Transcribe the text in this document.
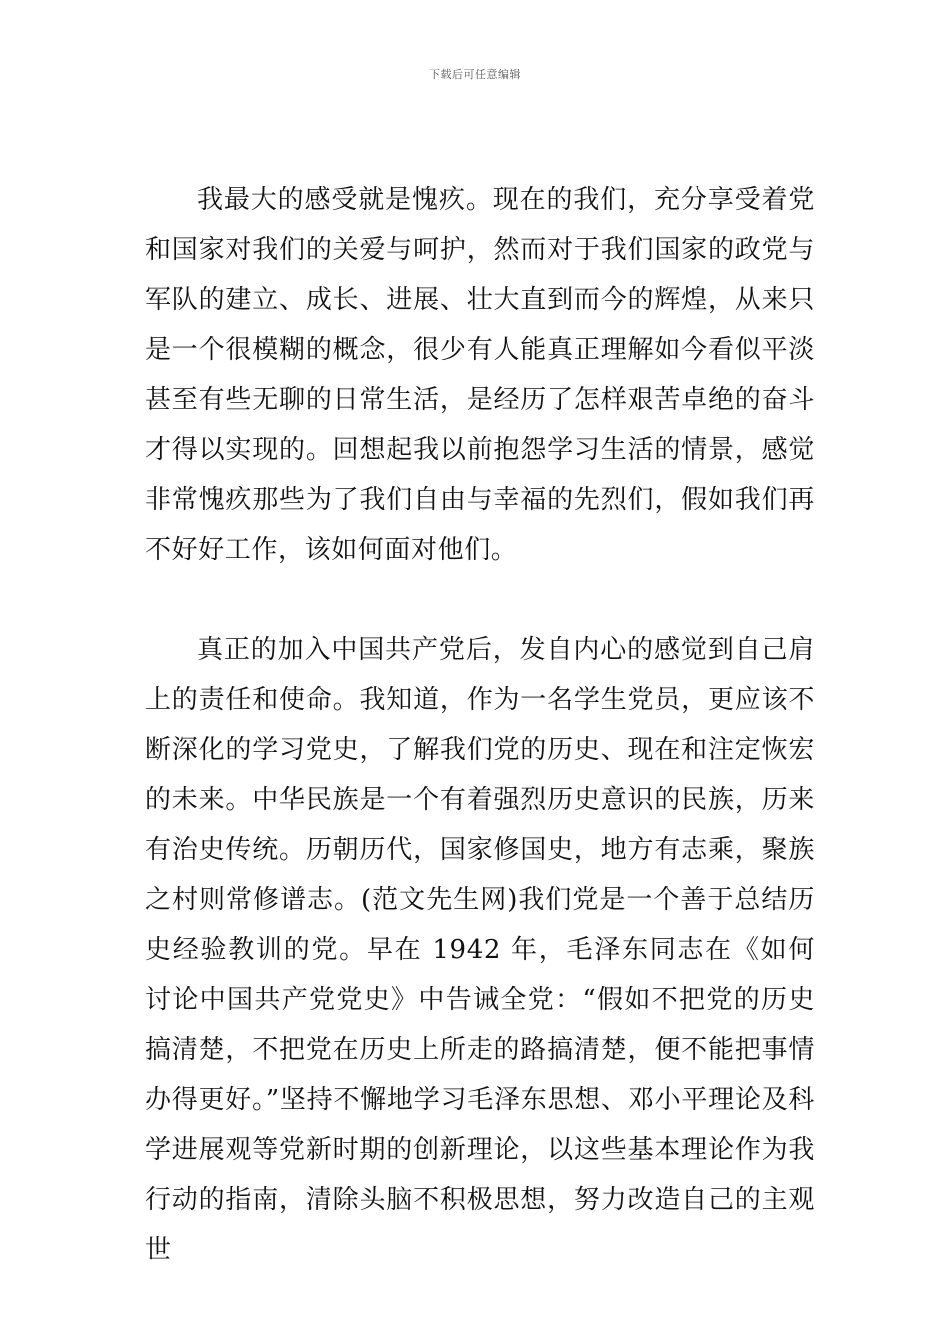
下载后可任意编辑

我最大的感受就是愧疚。现在的我们，充分享受着党和国家对我们的关爱与呵护，然而对于我们国家的政党与军队的建立、成长、进展、壮大直到而今的辉煌，从来只是一个很模糊的概念，很少有人能真正理解如今看似平淡甚至有些无聊的日常生活，是经历了怎样艰苦卓绝的奋斗才得以实现的。回想起我以前抱怨学习生活的情景，感觉非常愧疚那些为了我们自由与幸福的先烈们，假如我们再不好好工作，该如何面对他们。

真正的加入中国共产党后，发自内心的感觉到自己肩上的责任和使命。我知道，作为一名学生党员，更应该不断深化的学习党史，了解我们党的历史、现在和注定恢宏的未来。中华民族是一个有着强烈历史意识的民族，历来有治史传统。历朝历代，国家修国史，地方有志乘，聚族之村则常修谱志。(范文先生网)我们党是一个善于总结历史经验教训的党。早在 1942 年，毛泽东同志在《如何讨论中国共产党党史》中告诫全党：“假如不把党的历史搞清楚，不把党在历史上所走的路搞清楚，便不能把事情办得更好。”坚持不懈地学习毛泽东思想、邓小平理论及科学进展观等党新时期的创新理论，以这些基本理论作为我行动的指南，清除头脑不积极思想，努力改造自己的主观世
